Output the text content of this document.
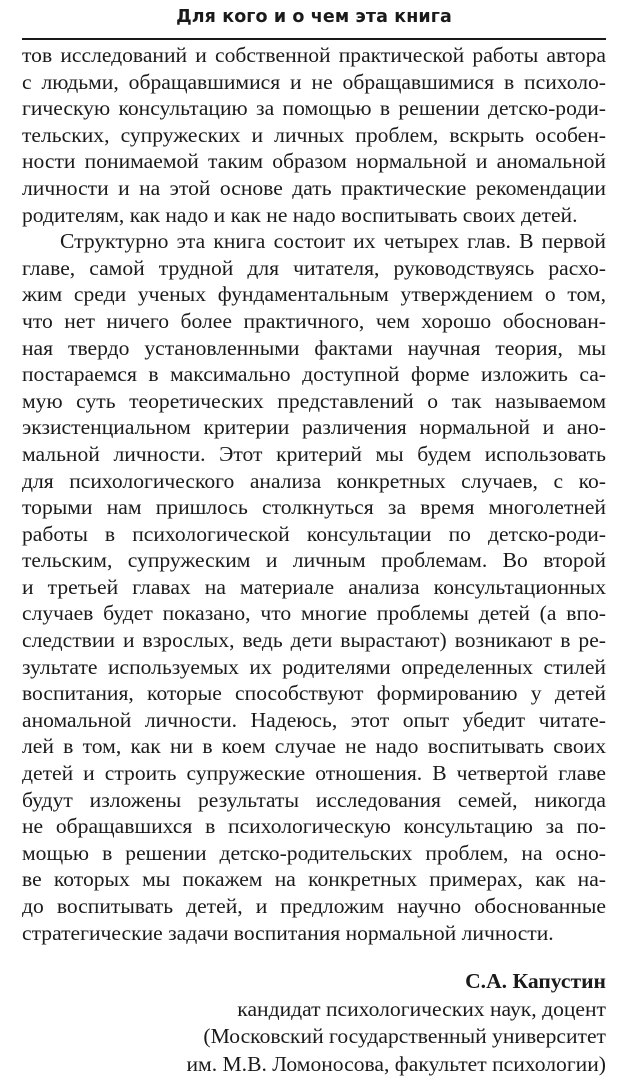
Для кого и о чем эта книга
тов исследований и собственной практической работы автора
с людьми, обращавшимися и не обращавшимися в психоло-
гическую консультацию за помощью в решении детско-роди-
тельских, супружеских и личных проблем, вскрыть особен-
ности понимаемой таким образом нормальной и аномальной
личности и на этой основе дать практические рекомендации
родителям, как надо и как не надо воспитывать своих детей.
Структурно эта книга состоит их четырех глав. В первой
главе, самой трудной для читателя, руководствуясь расхо-
жим среди ученых фундаментальным утверждением о том,
что нет ничего более практичного, чем хорошо обоснован-
ная твердо установленными фактами научная теория, мы
постараемся в максимально доступной форме изложить са-
мую суть теоретических представлений о так называемом
экзистенциальном критерии различения нормальной и ано-
мальной личности. Этот критерий мы будем использовать
для психологического анализа конкретных случаев, с ко-
торыми нам пришлось столкнуться за время многолетней
работы в психологической консультации по детско-роди-
тельским, супружеским и личным проблемам. Во второй
и третьей главах на материале анализа консультационных
случаев будет показано, что многие проблемы детей (а впо-
следствии и взрослых, ведь дети вырастают) возникают в ре-
зультате используемых их родителями определенных стилей
воспитания, которые способствуют формированию у детей
аномальной личности. Надеюсь, этот опыт убедит читате-
лей в том, как ни в коем случае не надо воспитывать своих
детей и строить супружеские отношения. В четвертой главе
будут изложены результаты исследования семей, никогда
не обращавшихся в психологическую консультацию за по-
мощью в решении детско-родительских проблем, на осно-
ве которых мы покажем на конкретных примерах, как на-
до воспитывать детей, и предложим научно обоснованные
стратегические задачи воспитания нормальной личности.
С.А. Капустин
кандидат психологических наук, доцент
(Московский государственный университет
им. М.В. Ломоносова, факультет психологии)
